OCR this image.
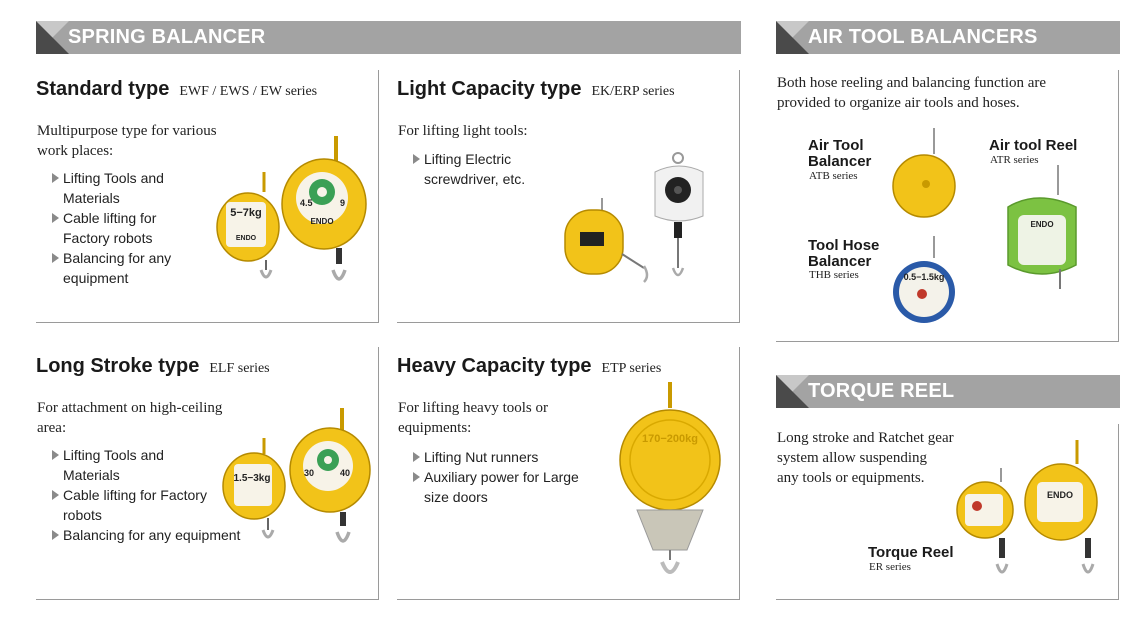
SPRING BALANCER	AIR TOOL BALANCERS
TORQUE REEL
Standard type EWF / EWS / EW series
Multipurpose type for various
work places:
Lifting Tools and
Materials
Cable lifting for
Factory robots
Balancing for any
equipment
5−7kg
ENDO
4.5	9
ENDO
Light Capacity type EK/ERP series
For lifting light tools:
Lifting Electric
screwdriver, etc.
Long Stroke type ELF series
For attachment on high-ceiling
area:
Lifting Tools and
Materials
Cable lifting for Factory
robots
Balancing for any equipment
1.5−3kg	30	40
Heavy Capacity type ETP series
For lifting heavy tools or
equipments:
Lifting Nut runners
Auxiliary power for Large
size doors
170−200kg
Both hose reeling and balancing function are
provided to organize air tools and hoses.
Air Tool
Balancer
ATB series
Air tool Reel
ATR series
Tool Hose
Balancer
THB series	0.5−1.5kg
ENDO
Long stroke and Ratchet gear
system allow suspending
any tools or equipments.
Torque Reel
ER series
ENDO
